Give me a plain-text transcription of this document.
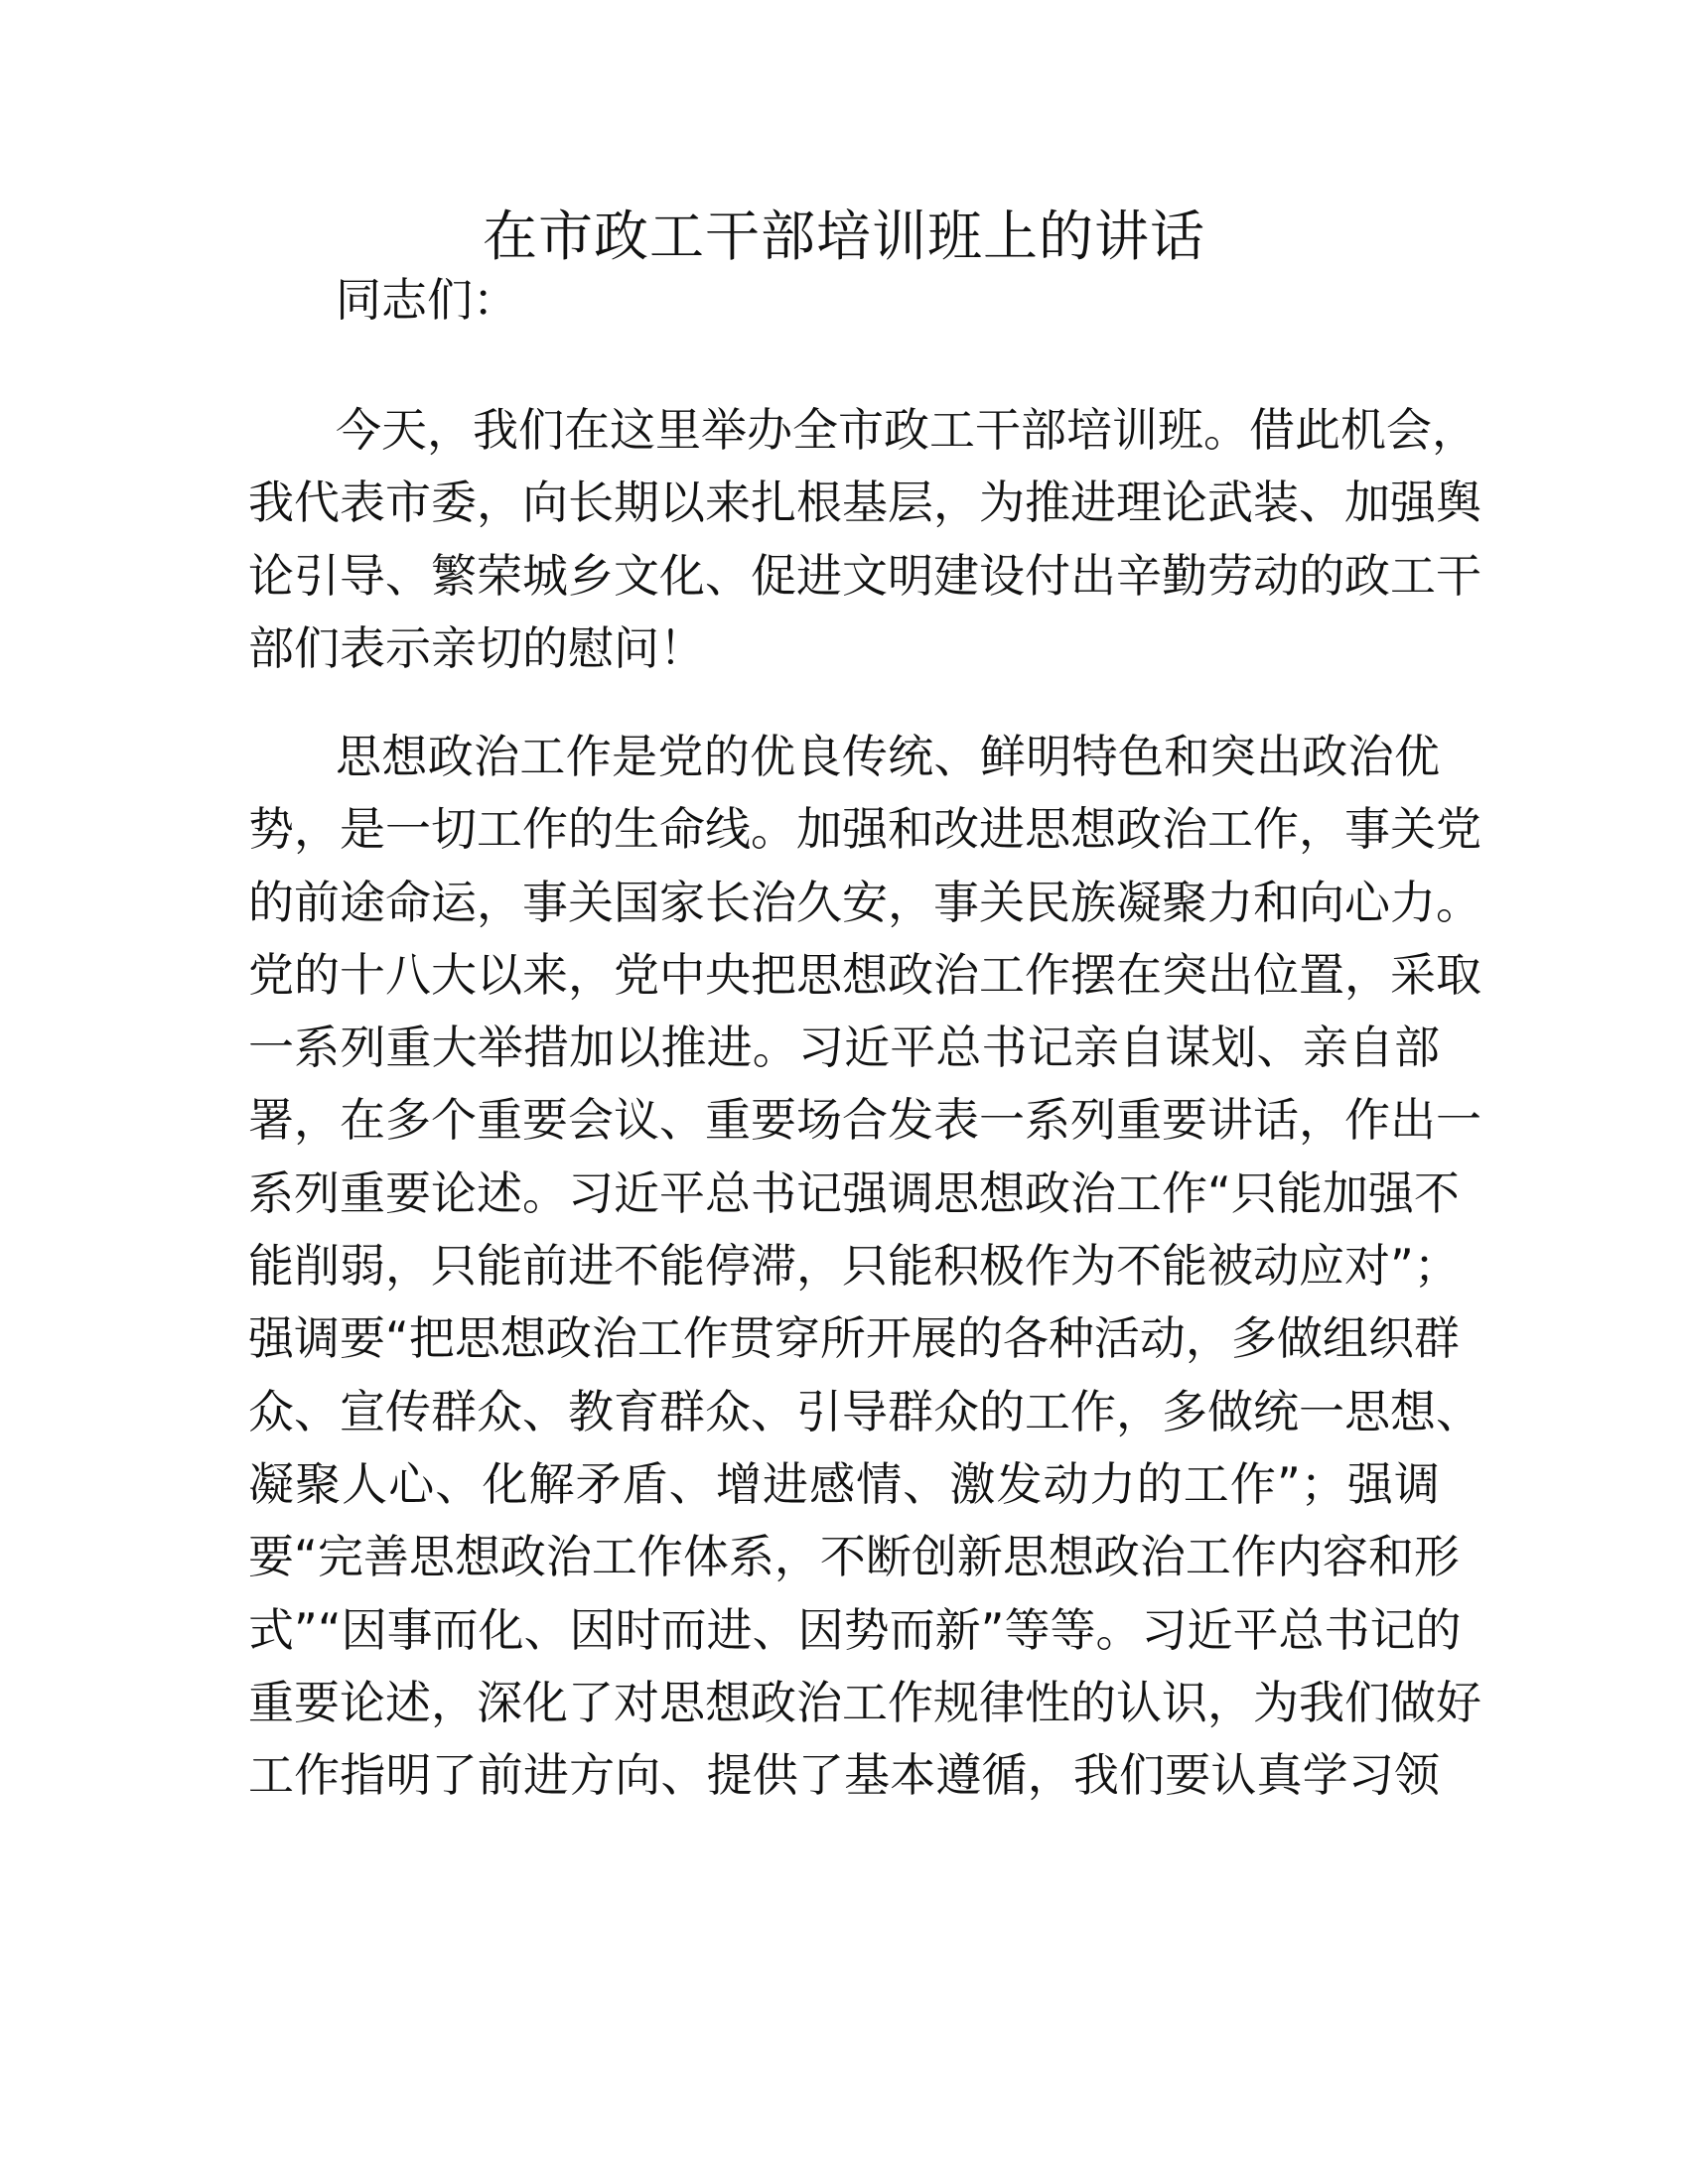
在市政工干部培训班上的讲话
同志们：
今天，我们在这里举办全市政工干部培训班。借此机会，
我代表市委，向长期以来扎根基层，为推进理论武装、加强舆
论引导、繁荣城乡文化、促进文明建设付出辛勤劳动的政工干
部们表示亲切的慰问！
思想政治工作是党的优良传统、鲜明特色和突出政治优
势，是一切工作的生命线。加强和改进思想政治工作，事关党
的前途命运，事关国家长治久安，事关民族凝聚力和向心力。
党的十八大以来，党中央把思想政治工作摆在突出位置，采取
一系列重大举措加以推进。习近平总书记亲自谋划、亲自部
署，在多个重要会议、重要场合发表一系列重要讲话，作出一
系列重要论述。习近平总书记强调思想政治工作“只能加强不
能削弱，只能前进不能停滞，只能积极作为不能被动应对”；
强调要“把思想政治工作贯穿所开展的各种活动，多做组织群
众、宣传群众、教育群众、引导群众的工作，多做统一思想、
凝聚人心、化解矛盾、增进感情、激发动力的工作”；强调
要“完善思想政治工作体系，不断创新思想政治工作内容和形
式”“因事而化、因时而进、因势而新”等等。习近平总书记的
重要论述，深化了对思想政治工作规律性的认识，为我们做好
工作指明了前进方向、提供了基本遵循，我们要认真学习领
